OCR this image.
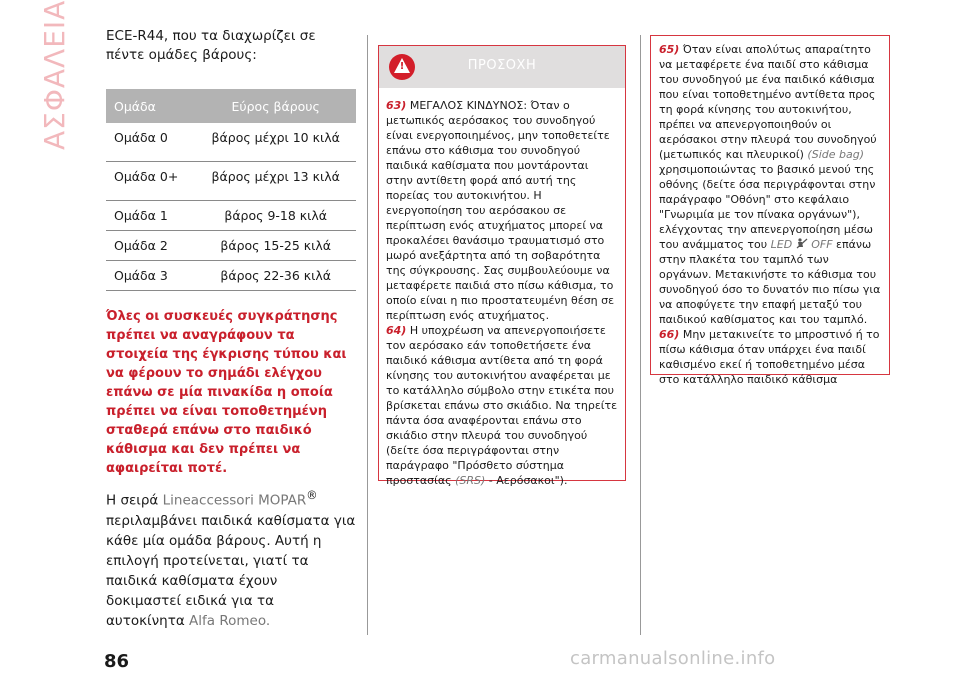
ΑΣΦΑΛΕΙΑ	ECE-R44, που τα διαχωρίζει σε πέντε ομάδες βάρους:

Ομάδα	Εύρος βάρους
Ομάδα 0	βάρος μέχρι 10 κιλά
Ομάδα 0+	βάρος μέχρι 13 κιλά
Ομάδα 1	βάρος 9-18 κιλά
Ομάδα 2	βάρος 15-25 κιλά
Ομάδα 3	βάρος 22-36 κιλά

Όλες οι συσκευές συγκράτησης πρέπει να αναγράφουν τα στοιχεία της έγκρισης τύπου και να φέρουν το σημάδι ελέγχου επάνω σε μία πινακίδα η οποία πρέπει να είναι τοποθετημένη σταθερά επάνω στο παιδικό κάθισμα και δεν πρέπει να αφαιρείται ποτέ.

Η σειρά Lineaccessori MOPAR® περιλαμβάνει παιδικά καθίσματα για κάθε μία ομάδα βάρους. Αυτή η επιλογή προτείνεται, γιατί τα παιδικά καθίσματα έχουν δοκιμαστεί ειδικά για τα αυτοκίνητα Alfa Romeo.

!	ΠΡΟΣΟΧΗ
63) ΜΕΓΑΛΟΣ ΚΙΝΔΥΝΟΣ: Όταν ο μετωπικός αερόσακος του συνοδηγού είναι ενεργοποιημένος, μην τοποθετείτε επάνω στο κάθισμα του συνοδηγού παιδικά καθίσματα που μοντάρονται στην αντίθετη φορά από αυτή της πορείας του αυτοκινήτου. Η ενεργοποίηση του αερόσακου σε περίπτωση ενός ατυχήματος μπορεί να προκαλέσει θανάσιμο τραυματισμό στο μωρό ανεξάρτητα από τη σοβαρότητα της σύγκρουσης. Σας συμβουλεύουμε να μεταφέρετε παιδιά στο πίσω κάθισμα, το οποίο είναι η πιο προστατευμένη θέση σε περίπτωση ενός ατυχήματος.
64) Η υποχρέωση να απενεργοποιήσετε τον αερόσακο εάν τοποθετήσετε ένα παιδικό κάθισμα αντίθετα από τη φορά κίνησης του αυτοκινήτου αναφέρεται με το κατάλληλο σύμβολο στην ετικέτα που βρίσκεται επάνω στο σκιάδιο. Να τηρείτε πάντα όσα αναφέρονται επάνω στο σκιάδιο στην πλευρά του συνοδηγού (δείτε όσα περιγράφονται στην παράγραφο "Πρόσθετο σύστημα προστασίας (SRS) - Αερόσακοι").
65) Όταν είναι απολύτως απαραίτητο να μεταφέρετε ένα παιδί στο κάθισμα του συνοδηγού με ένα παιδικό κάθισμα που είναι τοποθετημένο αντίθετα προς τη φορά κίνησης του αυτοκινήτου, πρέπει να απενεργοποιηθούν οι αερόσακοι στην πλευρά του συνοδηγού (μετωπικός και πλευρικοί) (Side bag) χρησιμοποιώντας το βασικό μενού της οθόνης (δείτε όσα περιγράφονται στην παράγραφο "Οθόνη" στο κεφάλαιο "Γνωριμία με τον πίνακα οργάνων"), ελέγχοντας την απενεργοποίηση μέσω του ανάμματος του LED OFF επάνω στην πλακέτα του ταμπλό των οργάνων. Μετακινήστε το κάθισμα του συνοδηγού όσο το δυνατόν πιο πίσω για να αποφύγετε την επαφή μεταξύ του παιδικού καθίσματος και του ταμπλό.
66) Μην μετακινείτε το μπροστινό ή το πίσω κάθισμα όταν υπάρχει ένα παιδί καθισμένο εκεί ή τοποθετημένο μέσα στο κατάλληλο παιδικό κάθισμα
86	carmanualsonline.info
